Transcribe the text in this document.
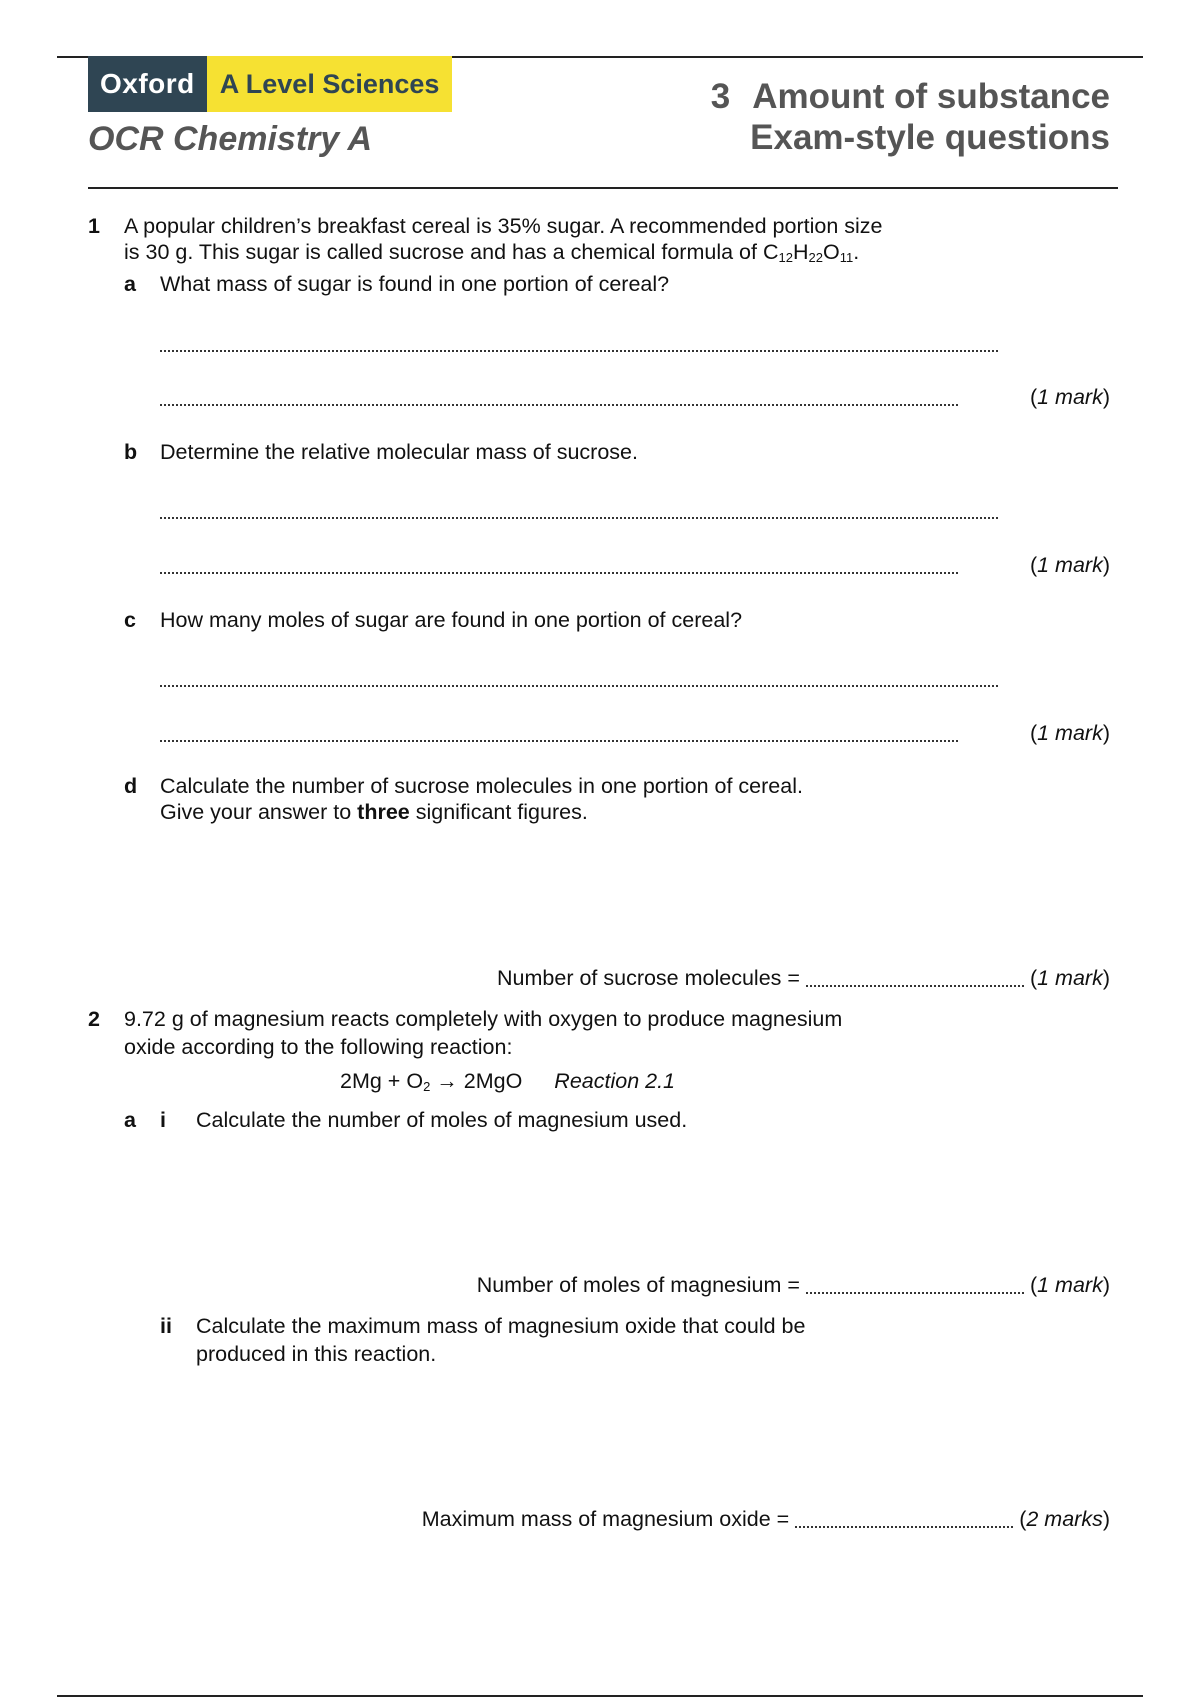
Oxford A Level Sciences
OCR Chemistry A
3 Amount of substance
Exam-style questions
1 A popular children’s breakfast cereal is 35% sugar. A recommended portion size
is 30 g. This sugar is called sucrose and has a chemical formula of $C_{12}H_{22}O_{11}$.
a What mass of sugar is found in one portion of cereal?
(1 mark)
b Determine the relative molecular mass of sucrose.
(1 mark)
c How many moles of sugar are found in one portion of cereal?
(1 mark)
d Calculate the number of sucrose molecules in one portion of cereal.
Give your answer to three significant figures.
Number of sucrose molecules =	(1 mark)
2 9.72 g of magnesium reacts completely with oxygen to produce magnesium
oxide according to the following reaction:
$2Mg + O_2 \to 2MgO$ Reaction 2.1
a i Calculate the number of moles of magnesium used.
Number of moles of magnesium =	(1 mark)
ii Calculate the maximum mass of magnesium oxide that could be
produced in this reaction.
Maximum mass of magnesium oxide =	(2 marks)
